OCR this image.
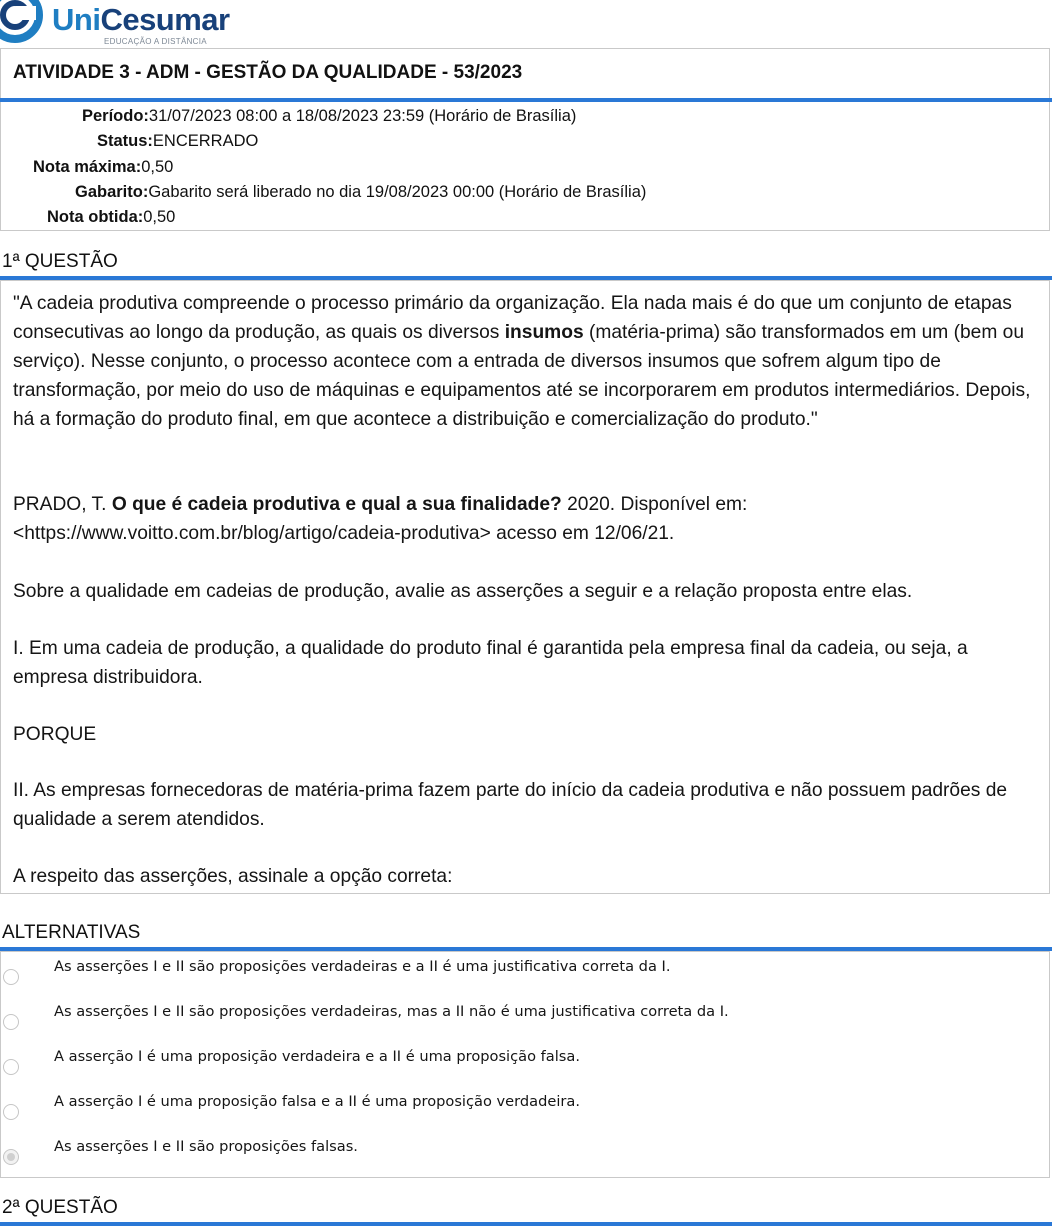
UniCesumar
EDUCAÇÃO A DISTÂNCIA
ATIVIDADE 3 - ADM - GESTÃO DA QUALIDADE - 53/2023
Período:31/07/2023 08:00 a 18/08/2023 23:59 (Horário de Brasília)
Status:ENCERRADO
Nota máxima:0,50
Gabarito:Gabarito será liberado no dia 19/08/2023 00:00 (Horário de Brasília)
Nota obtida:0,50
1ª QUESTÃO
"A cadeia produtiva compreende o processo primário da organização. Ela nada mais é do que um conjunto de etapas consecutivas ao longo da produção, as quais os diversos insumos (matéria-prima) são transformados em um (bem ou serviço). Nesse conjunto, o processo acontece com a entrada de diversos insumos que sofrem algum tipo de transformação, por meio do uso de máquinas e equipamentos até se incorporarem em produtos intermediários. Depois, há a formação do produto final, em que acontece a distribuição e comercialização do produto."
PRADO, T. O que é cadeia produtiva e qual a sua finalidade? 2020. Disponível em: <https://www.voitto.com.br/blog/artigo/cadeia-produtiva> acesso em 12/06/21.
Sobre a qualidade em cadeias de produção, avalie as asserções a seguir e a relação proposta entre elas.
I. Em uma cadeia de produção, a qualidade do produto final é garantida pela empresa final da cadeia, ou seja, a empresa distribuidora.
PORQUE
II. As empresas fornecedoras de matéria-prima fazem parte do início da cadeia produtiva e não possuem padrões de qualidade a serem atendidos.
A respeito das asserções, assinale a opção correta:
ALTERNATIVAS
As asserções I e II são proposições verdadeiras e a II é uma justificativa correta da I.
As asserções I e II são proposições verdadeiras, mas a II não é uma justificativa correta da I.
A asserção I é uma proposição verdadeira e a II é uma proposição falsa.
A asserção I é uma proposição falsa e a II é uma proposição verdadeira.
As asserções I e II são proposições falsas.
2ª QUESTÃO
